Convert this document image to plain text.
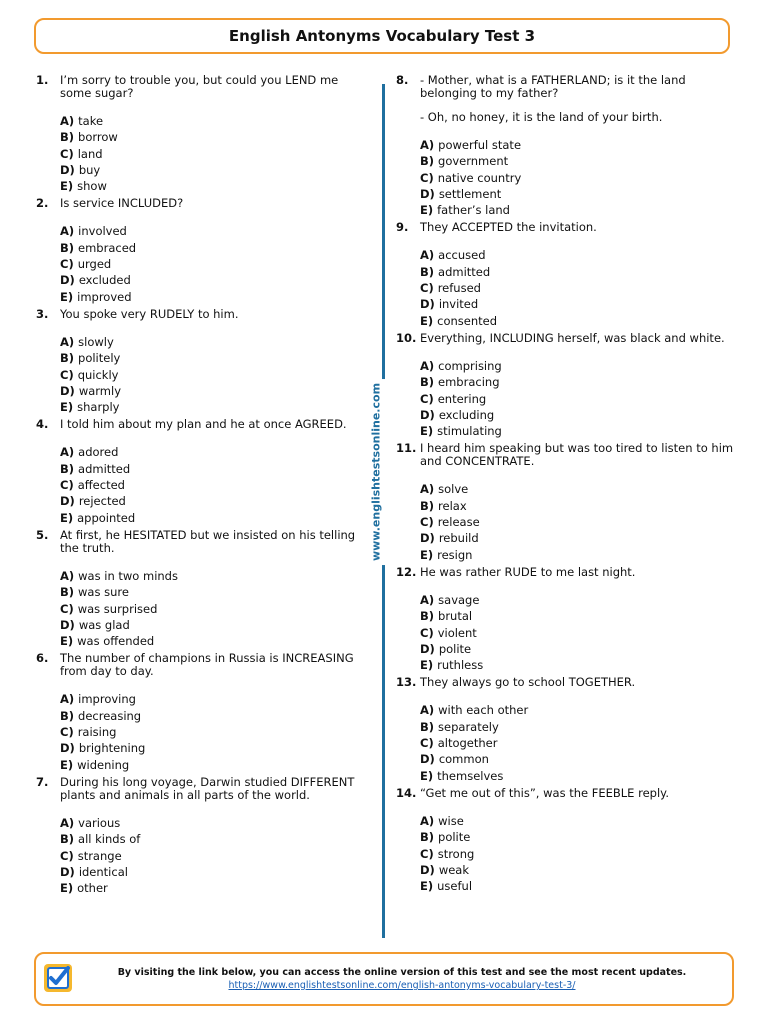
English Antonyms Vocabulary Test 3
1.	I’m sorry to trouble you, but could you LEND me some sugar?

A) take
B) borrow
C) land
D) buy
E) show
2.	Is service INCLUDED?

A) involved
B) embraced
C) urged
D) excluded
E) improved
3.	You spoke very RUDELY to him.

A) slowly
B) politely
C) quickly
D) warmly
E) sharply
4.	I told him about my plan and he at once AGREED.

A) adored
B) admitted
C) affected
D) rejected
E) appointed
5.	At first, he HESITATED but we insisted on his telling the truth.

A) was in two minds
B) was sure
C) was surprised
D) was glad
E) was offended
6.	The number of champions in Russia is INCREASING from day to day.

A) improving
B) decreasing
C) raising
D) brightening
E) widening
7.	During his long voyage, Darwin studied DIFFERENT plants and animals in all parts of the world.

A) various
B) all kinds of
C) strange
D) identical
E) other
www.englishtestsonline.com
8.	- Mother, what is a FATHERLAND; is it the land belonging to my father?

- Oh, no honey, it is the land of your birth.

A) powerful state
B) government
C) native country
D) settlement
E) father’s land
9.	They ACCEPTED the invitation.

A) accused
B) admitted
C) refused
D) invited
E) consented
10. Everything, INCLUDING herself, was black and white.

A) comprising
B) embracing
C) entering
D) excluding
E) stimulating
11. I heard him speaking but was too tired to listen to him and CONCENTRATE.

A) solve
B) relax
C) release
D) rebuild
E) resign
12. He was rather RUDE to me last night.

A) savage
B) brutal
C) violent
D) polite
E) ruthless
13. They always go to school TOGETHER.

A) with each other
B) separately
C) altogether
D) common
E) themselves
14. “Get me out of this”, was the FEEBLE reply.

A) wise
B) polite
C) strong
D) weak
E) useful
By visiting the link below, you can access the online version of this test and see the most recent updates.
https://www.englishtestsonline.com/english-antonyms-vocabulary-test-3/
